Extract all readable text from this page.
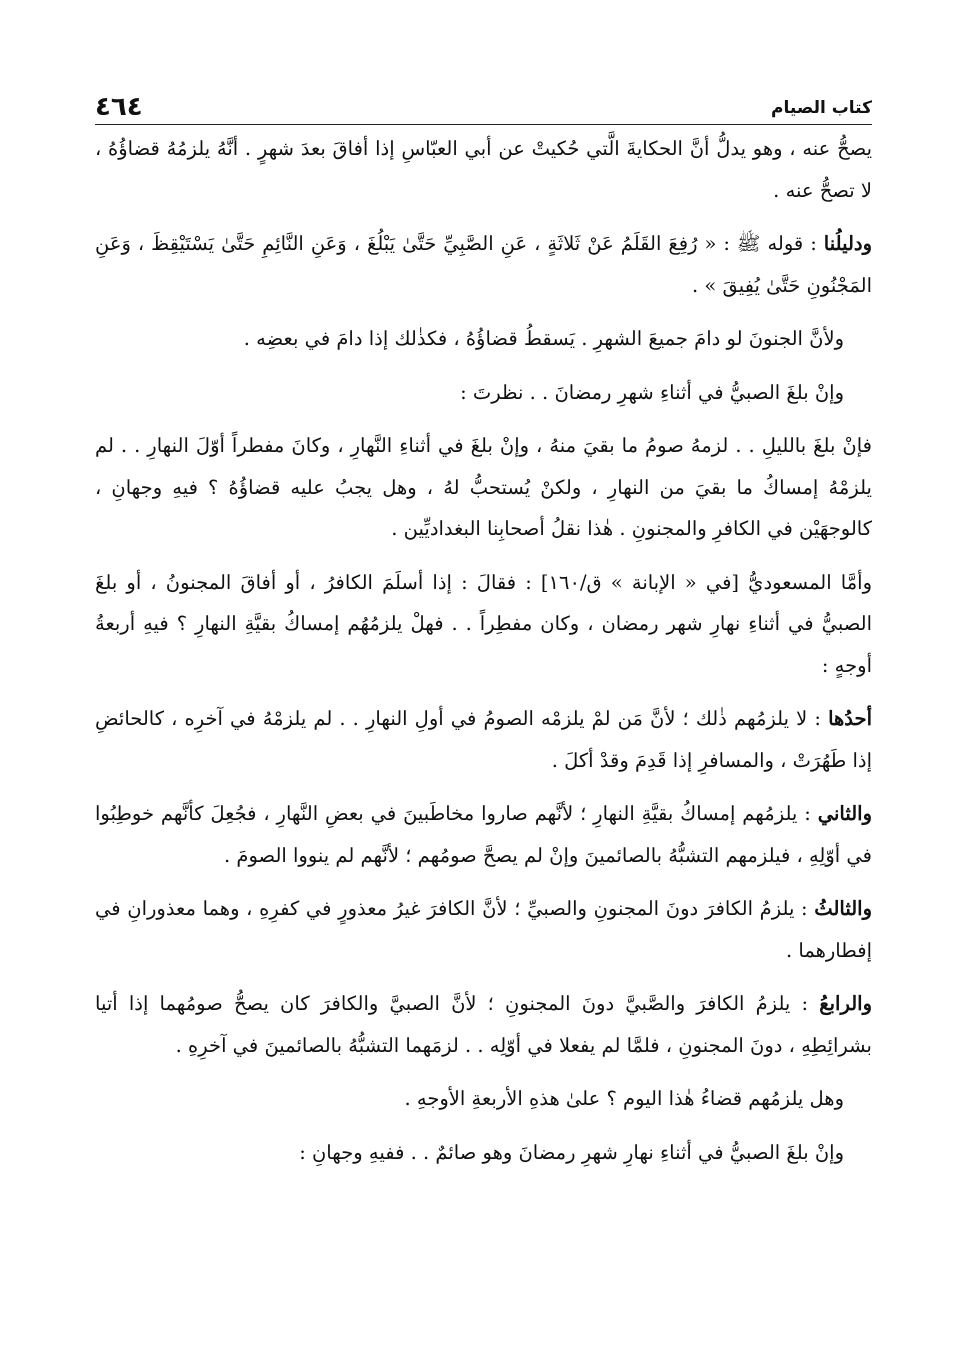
كتاب الصيام
٤٦٤

يصحُّ عنه ، وهو يدلُّ أنَّ الحكايةَ الَّتي حُكيتْ عن أبي العبّاسِ إذا أفاقَ بعدَ شهرٍ . أنَّهُ يلزمُهُ قضاؤُهُ ، لا تصحُّ عنه .

ودليلُنا : قوله ﷺ : « رُفِعَ القَلَمُ عَنْ ثَلاثَةٍ ، عَنِ الصَّبِيِّ حَتَّىٰ يَبْلُغَ ، وَعَنِ النَّائِمِ حَتَّىٰ يَسْتَيْقِظَ ، وَعَنِ المَجْنُونِ حَتَّىٰ يُفِيقَ » .

ولأنَّ الجنونَ لو دامَ جميعَ الشهرِ . يَسقطُ قضاؤُهُ ، فكذٰلك إذا دامَ في بعضِه .

وإنْ بلغَ الصبيُّ في أثناءِ شهرِ رمضانَ . . نظرتَ :

فإنْ بلغَ بالليلِ . . لزمهُ صومُ ما بقيَ منهُ ، وإنْ بلغَ في أثناءِ النَّهارِ ، وكانَ مفطراً أوّلَ النهارِ . . لم يلزمْهُ إمساكُ ما بقيَ من النهارِ ، ولكنْ يُستحبُّ لهُ ، وهل يجبُ عليه قضاؤُهُ ؟ فيهِ وجهانِ ، كالوجهَيْن في الكافرِ والمجنونِ . هٰذا نقلُ أصحابِنا البغداديِّين .

وأمَّا المسعوديُّ [في « الإبانة » ق/١٦٠] : فقالَ : إذا أسلَمَ الكافرُ ، أو أفاقَ المجنونُ ، أو بلغَ الصبيُّ في أثناءِ نهارِ شهر رمضان ، وكان مفطِراً . . فهلْ يلزمُهُم إمساكُ بقيَّةِ النهارِ ؟ فيهِ أربعةُ أوجهٍ :

أحدُها : لا يلزمُهم ذٰلك ؛ لأنَّ مَن لمْ يلزمْه الصومُ في أولِ النهارِ . . لم يلزمْهُ في آخرِه ، كالحائضِ إذا طَهُرَتْ ، والمسافرِ إذا قَدِمَ وقدْ أكلَ .

والثاني : يلزمُهم إمساكُ بقيَّةِ النهارِ ؛ لأنَّهم صاروا مخاطَبينَ في بعضِ النَّهارِ ، فجُعِلَ كأنَّهم خوطِبُوا في أوّلِهِ ، فيلزمهم التشبُّهُ بالصائمينَ وإنْ لم يصحَّ صومُهم ؛ لأنَّهم لم ينووا الصومَ .

والثالثُ : يلزمُ الكافرَ دونَ المجنونِ والصبيِّ ؛ لأنَّ الكافرَ غيرُ معذورٍ في كفرِهِ ، وهما معذورانِ في إفطارهما .

والرابعُ : يلزمُ الكافرَ والصَّبيَّ دونَ المجنونِ ؛ لأنَّ الصبيَّ والكافرَ كان يصحُّ صومُهما إذا أتيا بشرائِطِهِ ، دونَ المجنونِ ، فلمَّا لم يفعلا في أوّلِه . . لزمَهما التشبُّهُ بالصائمينَ في آخرِهِ .

وهل يلزمُهم قضاءُ هٰذا اليوم ؟ علىٰ هذهِ الأربعةِ الأوجهِ .

وإنْ بلغَ الصبيُّ في أثناءِ نهارِ شهرِ رمضانَ وهو صائمٌ . . ففيهِ وجهانِ :
